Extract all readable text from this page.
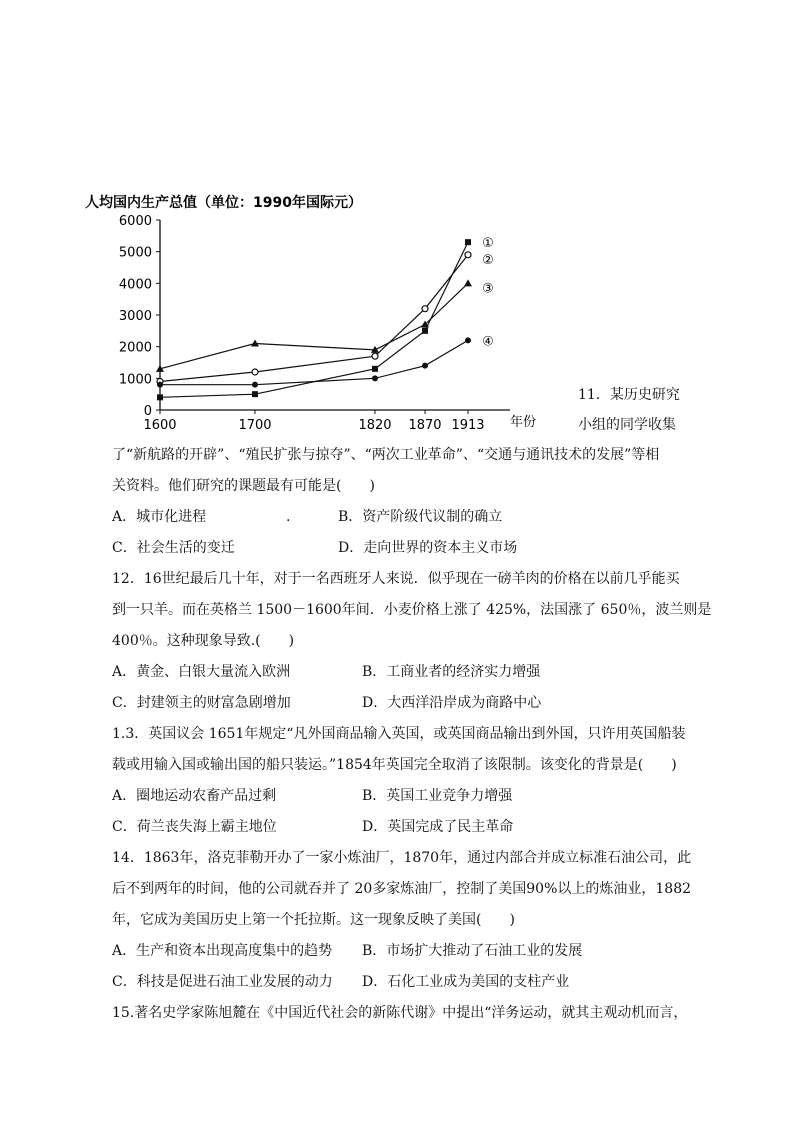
人均国内生产总值（单位：1990年国际元）
0
1000
2000
3000
4000
5000
6000
1600	1700	1820 1870 1913 年份
①
②
③
④
11．某历史研究
小组的同学收集
了“新航路的开辟”、“殖民扩张与掠夺”、“两次工业革命”、“交通与通讯技术的发展”等相
关资料。他们研究的课题最有可能是(　　)
A．城市化进程	.	B．资产阶级代议制的确立
C．社会生活的变迁	D．走向世界的资本主义市场
12．16世纪最后几十年，对于一名西班牙人来说．似乎现在一磅羊肉的价格在以前几乎能买
到一只羊。而在英格兰 1500－1600年间．小麦价格上涨了 425%，法国涨了 650％，波兰则是
400％。这种现象导致.(　　)
A．黄金、白银大量流入欧洲	B．工商业者的经济实力增强
C．封建领主的财富急剧增加	D．大西洋沿岸成为商路中心
1.3．英国议会 1651年规定“凡外国商品输入英国，或英国商品输出到外国，只许用英国船装
载或用输入国或输出国的船只装运。”1854年英国完全取消了该限制。该变化的背景是(　　)
A．圈地运动农畜产品过剩	B．英国工业竞争力增强
C．荷兰丧失海上霸主地位	D．英国完成了民主革命
14．1863年，洛克菲勒开办了一家小炼油厂，1870年，通过内部合并成立标准石油公司，此
后不到两年的时间，他的公司就吞并了 20多家炼油厂，控制了美国90%以上的炼油业，1882
年，它成为美国历史上第一个托拉斯。这一现象反映了美国(　　)
A．生产和资本出现高度集中的趋势 B．市场扩大推动了石油工业的发展
C．科技是促进石油工业发展的动力 D．石化工业成为美国的支柱产业
15.著名史学家陈旭麓在《中国近代社会的新陈代谢》中提出“洋务运动，就其主观动机而言，
